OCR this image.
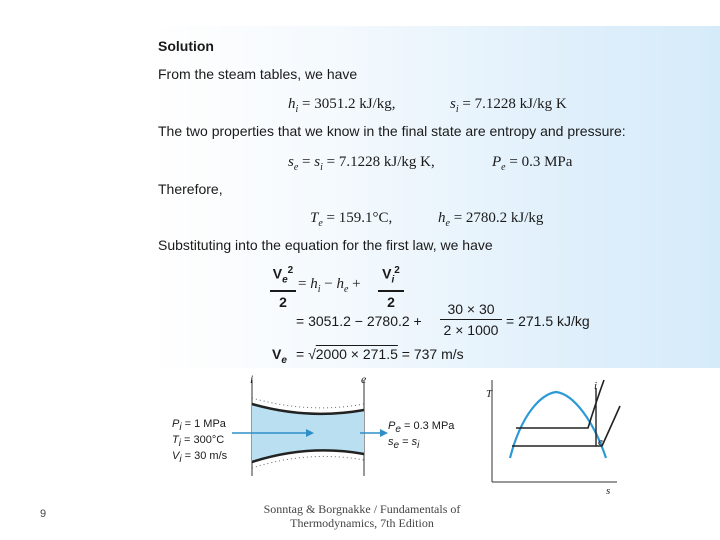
Solution
From the steam tables, we have
$h_i = 3051.2$ kJ/kg,	$s_i = 7.1228$ kJ/kg K
The two properties that we know in the final state are entropy and pressure:
$s_e = s_i = 7.1228$ kJ/kg K,	$P_e = 0.3$ MPa
Therefore,
$T_e = 159.1^\circ C$,	$h_e = 2780.2$ kJ/kg
Substituting into the equation for the first law, we have
$V_e^2$
2
= $h_i - h_e$ +
$V_i^2$
2
= 3051.2 − 2780.2 +
30 × 30
2 × 1000
= 271.5 kJ/kg
$V_e = √2000 \times 271.5 = 737$ m/s
i	e
$P_i = 1$ MPa
$T_i = 300^\circ C$
$V_i = 30$ m/s
$P_e = 0.3$ MPa
$s_e = s_i$
T
s
i
e
9	Sonntag & Borgnakke / Fundamentals of
Thermodynamics, 7th Edition
